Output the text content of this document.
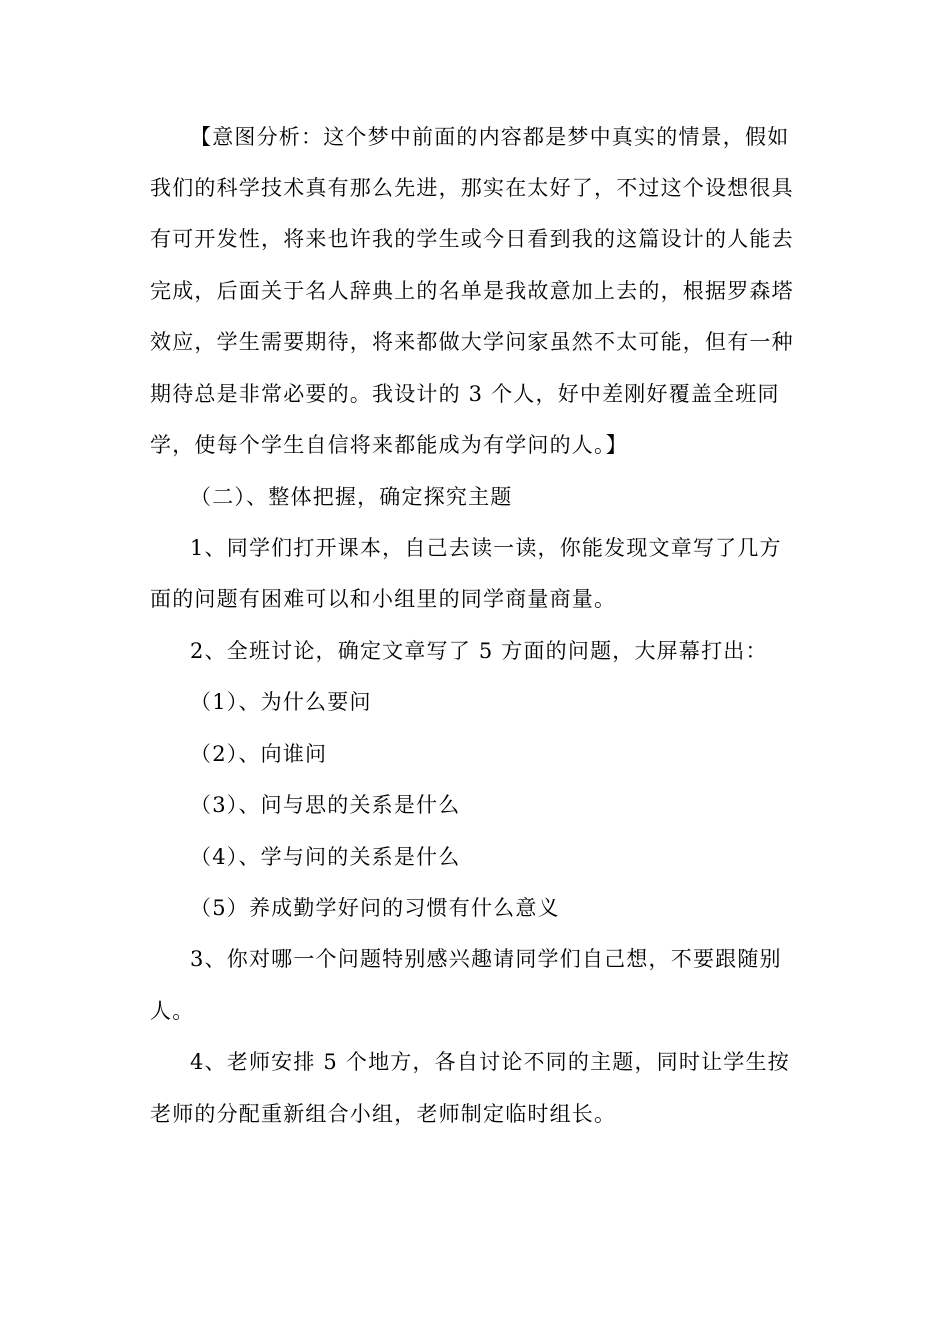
【意图分析：这个梦中前面的内容都是梦中真实的情景，假如
我们的科学技术真有那么先进，那实在太好了，不过这个设想很具
有可开发性，将来也许我的学生或今日看到我的这篇设计的人能去
完成，后面关于名人辞典上的名单是我故意加上去的，根据罗森塔
效应，学生需要期待，将来都做大学问家虽然不太可能，但有一种
期待总是非常必要的。我设计的 3 个人，好中差刚好覆盖全班同
学，使每个学生自信将来都能成为有学问的人。】
（二）、整体把握，确定探究主题
1、同学们打开课本，自己去读一读，你能发现文章写了几方
面的问题有困难可以和小组里的同学商量商量。
2、全班讨论，确定文章写了 5 方面的问题，大屏幕打出：
（1）、为什么要问
（2）、向谁问
（3）、问与思的关系是什么
（4）、学与问的关系是什么
（5）养成勤学好问的习惯有什么意义
3、你对哪一个问题特别感兴趣请同学们自己想，不要跟随别
人。
4、老师安排 5 个地方，各自讨论不同的主题，同时让学生按
老师的分配重新组合小组，老师制定临时组长。
